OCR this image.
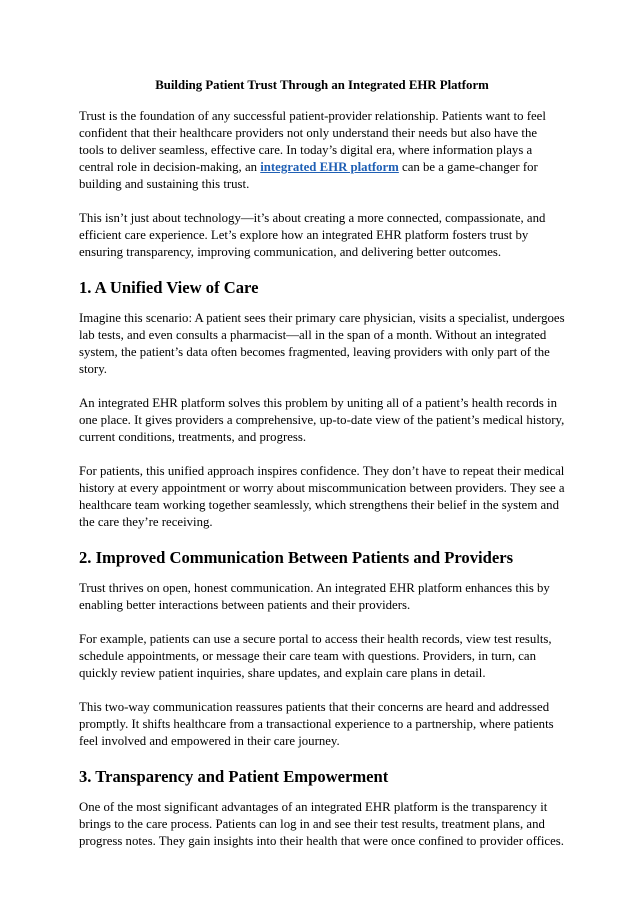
Building Patient Trust Through an Integrated EHR Platform

Trust is the foundation of any successful patient-provider relationship. Patients want to feel confident that their healthcare providers not only understand their needs but also have the tools to deliver seamless, effective care. In today’s digital era, where information plays a central role in decision-making, an integrated EHR platform can be a game-changer for building and sustaining this trust.

This isn’t just about technology—it’s about creating a more connected, compassionate, and efficient care experience. Let’s explore how an integrated EHR platform fosters trust by ensuring transparency, improving communication, and delivering better outcomes.

1. A Unified View of Care

Imagine this scenario: A patient sees their primary care physician, visits a specialist, undergoes lab tests, and even consults a pharmacist—all in the span of a month. Without an integrated system, the patient’s data often becomes fragmented, leaving providers with only part of the story.

An integrated EHR platform solves this problem by uniting all of a patient’s health records in one place. It gives providers a comprehensive, up-to-date view of the patient’s medical history, current conditions, treatments, and progress.

For patients, this unified approach inspires confidence. They don’t have to repeat their medical history at every appointment or worry about miscommunication between providers. They see a healthcare team working together seamlessly, which strengthens their belief in the system and the care they’re receiving.

2. Improved Communication Between Patients and Providers

Trust thrives on open, honest communication. An integrated EHR platform enhances this by enabling better interactions between patients and their providers.

For example, patients can use a secure portal to access their health records, view test results, schedule appointments, or message their care team with questions. Providers, in turn, can quickly review patient inquiries, share updates, and explain care plans in detail.

This two-way communication reassures patients that their concerns are heard and addressed promptly. It shifts healthcare from a transactional experience to a partnership, where patients feel involved and empowered in their care journey.

3. Transparency and Patient Empowerment

One of the most significant advantages of an integrated EHR platform is the transparency it brings to the care process. Patients can log in and see their test results, treatment plans, and progress notes. They gain insights into their health that were once confined to provider offices.
